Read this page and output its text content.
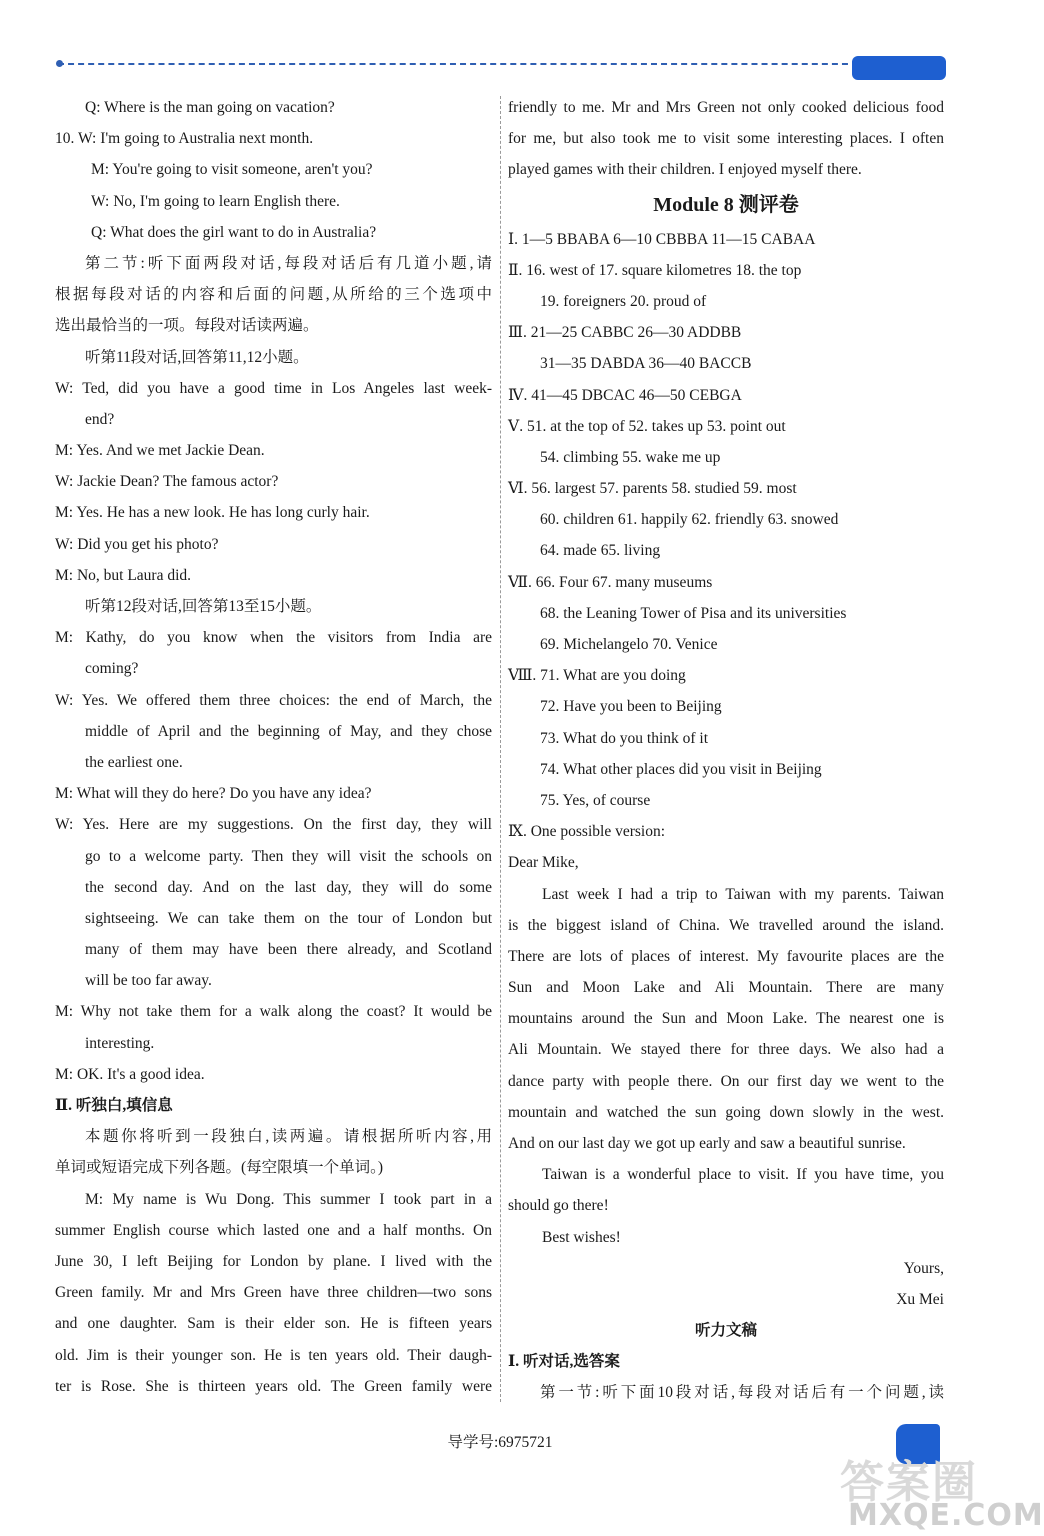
Q: Where is the man going on vacation?
10. W: I'm going to Australia next month.
M: You're going to visit someone, aren't you?
W: No, I'm going to learn English there.
Q: What does the girl want to do in Australia?
第二节:听下面两段对话,每段对话后有几道小题,请
根据每段对话的内容和后面的问题,从所给的三个选项中
选出最恰当的一项。每段对话读两遍。
听第11段对话,回答第11,12小题。
W: Ted, did you have a good time in Los Angeles last week-
end?
M: Yes. And we met Jackie Dean.
W: Jackie Dean? The famous actor?
M: Yes. He has a new look. He has long curly hair.
W: Did you get his photo?
M: No, but Laura did.
听第12段对话,回答第13至15小题。
M: Kathy, do you know when the visitors from India are
coming?
W: Yes. We offered them three choices: the end of March, the
middle of April and the beginning of May, and they chose
the earliest one.
M: What will they do here? Do you have any idea?
W: Yes. Here are my suggestions. On the first day, they will
go to a welcome party. Then they will visit the schools on
the second day. And on the last day, they will do some
sightseeing. We can take them on the tour of London but
many of them may have been there already, and Scotland
will be too far away.
M: Why not take them for a walk along the coast? It would be
interesting.
M: OK. It's a good idea.
Ⅱ. 听独白,填信息
本题你将听到一段独白,读两遍。请根据所听内容,用
单词或短语完成下列各题。(每空限填一个单词。)
M: My name is Wu Dong. This summer I took part in a
summer English course which lasted one and a half months. On
June 30, I left Beijing for London by plane. I lived with the
Green family. Mr and Mrs Green have three children—two sons
and one daughter. Sam is their elder son. He is fifteen years
old. Jim is their younger son. He is ten years old. Their daugh-
ter is Rose. She is thirteen years old. The Green family were
friendly to me. Mr and Mrs Green not only cooked delicious food
for me, but also took me to visit some interesting places. I often
played games with their children. I enjoyed myself there.
Module 8 测评卷
Ⅰ. 1—5 BBABA 6—10 CBBBA 11—15 CABAA
Ⅱ. 16. west of 17. square kilometres 18. the top
19. foreigners 20. proud of
Ⅲ. 21—25 CABBC 26—30 ADDBB
31—35 DABDA 36—40 BACCB
Ⅳ. 41—45 DBCAC 46—50 CEBGA
Ⅴ. 51. at the top of 52. takes up 53. point out
54. climbing 55. wake me up
Ⅵ. 56. largest 57. parents 58. studied 59. most
60. children 61. happily 62. friendly 63. snowed
64. made 65. living
Ⅶ. 66. Four 67. many museums
68. the Leaning Tower of Pisa and its universities
69. Michelangelo 70. Venice
Ⅷ. 71. What are you doing
72. Have you been to Beijing
73. What do you think of it
74. What other places did you visit in Beijing
75. Yes, of course
Ⅸ. One possible version:
Dear Mike,
Last week I had a trip to Taiwan with my parents. Taiwan
is the biggest island of China. We travelled around the island.
There are lots of places of interest. My favourite places are the
Sun and Moon Lake and Ali Mountain. There are many
mountains around the Sun and Moon Lake. The nearest one is
Ali Mountain. We stayed there for three days. We also had a
dance party with people there. On our first day we went to the
mountain and watched the sun going down slowly in the west.
And on our last day we got up early and saw a beautiful sunrise.
Taiwan is a wonderful place to visit. If you have time, you
should go there!
Best wishes!
Yours,
Xu Mei
听力文稿
Ⅰ. 听对话,选答案
第一节:听下面10段对话,每段对话后有一个问题,读
导学号:6975721
答案圈
MXQE.COM
